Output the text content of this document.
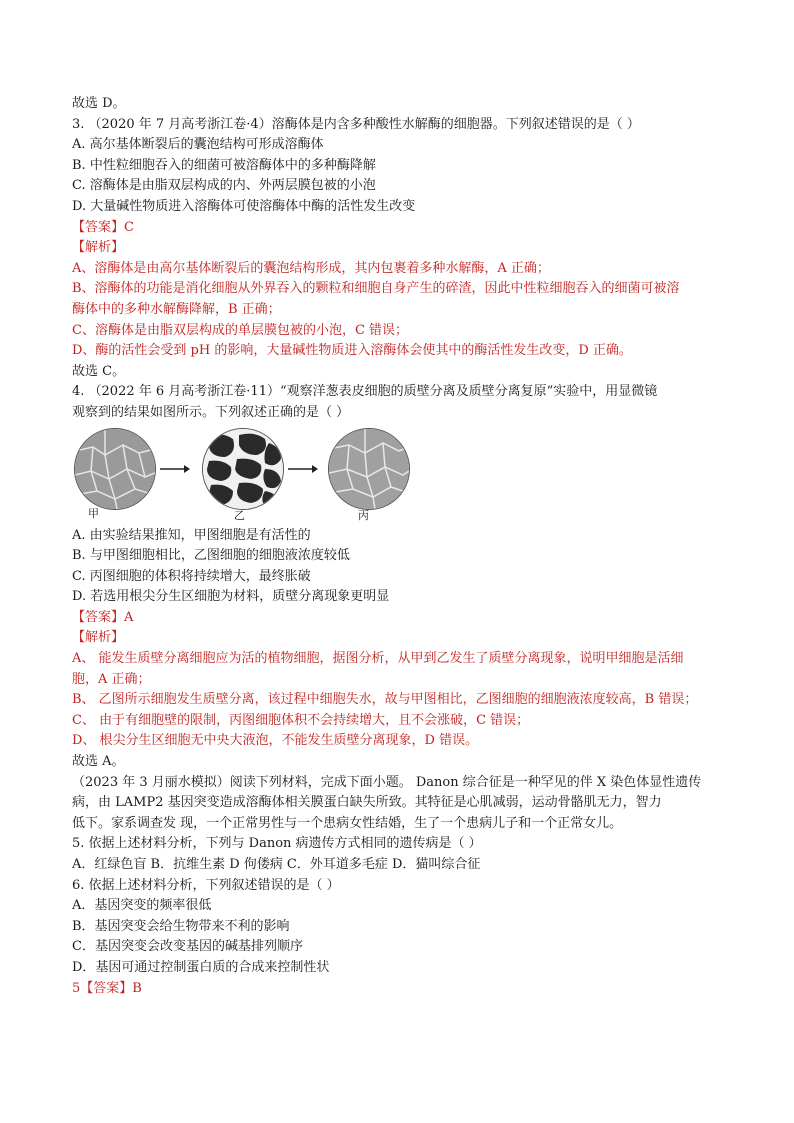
故选 D。
3. （2020 年 7 月高考浙江卷·4）溶酶体是内含多种酸性水解酶的细胞器。下列叙述错误的是（ ）
A. 高尔基体断裂后的囊泡结构可形成溶酶体
B. 中性粒细胞吞入的细菌可被溶酶体中的多种酶降解
C. 溶酶体是由脂双层构成的内、外两层膜包被的小泡
D. 大量碱性物质进入溶酶体可使溶酶体中酶的活性发生改变
【答案】C
【解析】
A、溶酶体是由高尔基体断裂后的囊泡结构形成，其内包裹着多种水解酶，A 正确；
B、溶酶体的功能是消化细胞从外界吞入的颗粒和细胞自身产生的碎渣，因此中性粒细胞吞入的细菌可被溶
酶体中的多种水解酶降解，B 正确；
C、溶酶体是由脂双层构成的单层膜包被的小泡，C 错误；
D、酶的活性会受到 pH 的影响，大量碱性物质进入溶酶体会使其中的酶活性发生改变，D 正确。
故选 C。
4. （2022 年 6 月高考浙江卷·11）“观察洋葱表皮细胞的质壁分离及质壁分离复原”实验中，用显微镜
观察到的结果如图所示。下列叙述正确的是（ ）
甲	乙	丙
A. 由实验结果推知，甲图细胞是有活性的
B. 与甲图细胞相比，乙图细胞的细胞液浓度较低
C. 丙图细胞的体积将持续增大，最终胀破
D. 若选用根尖分生区细胞为材料，质壁分离现象更明显
【答案】A
【解析】
A、 能发生质壁分离细胞应为活的植物细胞，据图分析，从甲到乙发生了质壁分离现象，说明甲细胞是活细
胞，A 正确；
B、 乙图所示细胞发生质壁分离，该过程中细胞失水，故与甲图相比，乙图细胞的细胞液浓度较高，B 错误；
C、 由于有细胞壁的限制，丙图细胞体积不会持续增大，且不会涨破，C 错误；
D、 根尖分生区细胞无中央大液泡，不能发生质壁分离现象，D 错误。
故选 A。
（2023 年 3 月丽水模拟）阅读下列材料，完成下面小题。 Danon 综合征是一种罕见的伴 X 染色体显性遗传
病，由 LAMP2 基因突变造成溶酶体相关膜蛋白缺失所致。其特征是心肌减弱，运动骨骼肌无力，智力
低下。家系调查发 现，一个正常男性与一个患病女性结婚，生了一个患病儿子和一个正常女儿。
5. 依据上述材料分析，下列与 Danon 病遗传方式相同的遗传病是（ ）
A．红绿色盲 B．抗维生素 D 佝偻病 C．外耳道多毛症 D．猫叫综合征
6. 依据上述材料分析，下列叙述错误的是（ ）
A．基因突变的频率很低
B．基因突变会给生物带来不利的影响
C．基因突变会改变基因的碱基排列顺序
D．基因可通过控制蛋白质的合成来控制性状
5【答案】B
